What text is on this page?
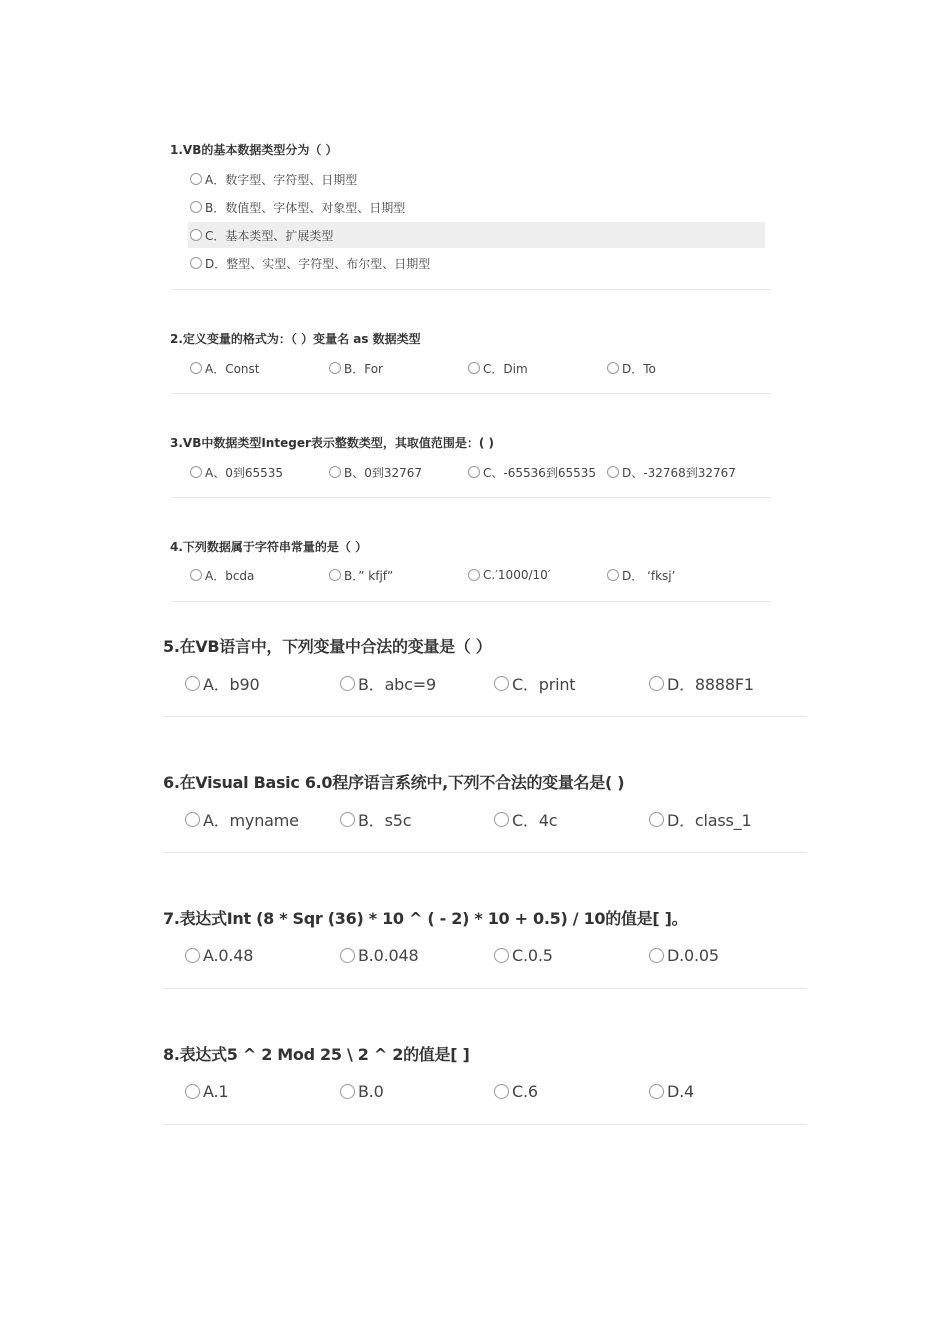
1.VB的基本数据类型分为（ ）
A．数字型、字符型、日期型
B．数值型、字体型、对象型、日期型
C．基本类型、扩展类型
D．整型、实型、字符型、布尔型、日期型
2.定义变量的格式为：（ ）变量名 as 数据类型
A．Const	B．For	C．Dim	D．To
3.VB中数据类型Integer表示整数类型，其取值范围是：( )
A、0到65535	B、0到32767	C、-65536到65535 D、-32768到32767
4.下列数据属于字符串常量的是（ ）
A．bcda	B．” kfjf”	C.′1000/10′	D． ‘fksj’
5.在VB语言中，下列变量中合法的变量是（ ）
A．b90	B．abc=9	C．print	D．8888F1
6.在Visual Basic 6.0程序语言系统中,下列不合法的变量名是( )
A．myname	B．s5c	C．4c	D．class_1
7.表达式Int (8 * Sqr (36) * 10 ^ ( - 2) * 10 + 0.5) / 10的值是[ ]。
A.0.48	B.0.048	C.0.5	D.0.05
8.表达式5 ^ 2 Mod 25 \ 2 ^ 2的值是[ ]
A.1	B.0	C.6	D.4
